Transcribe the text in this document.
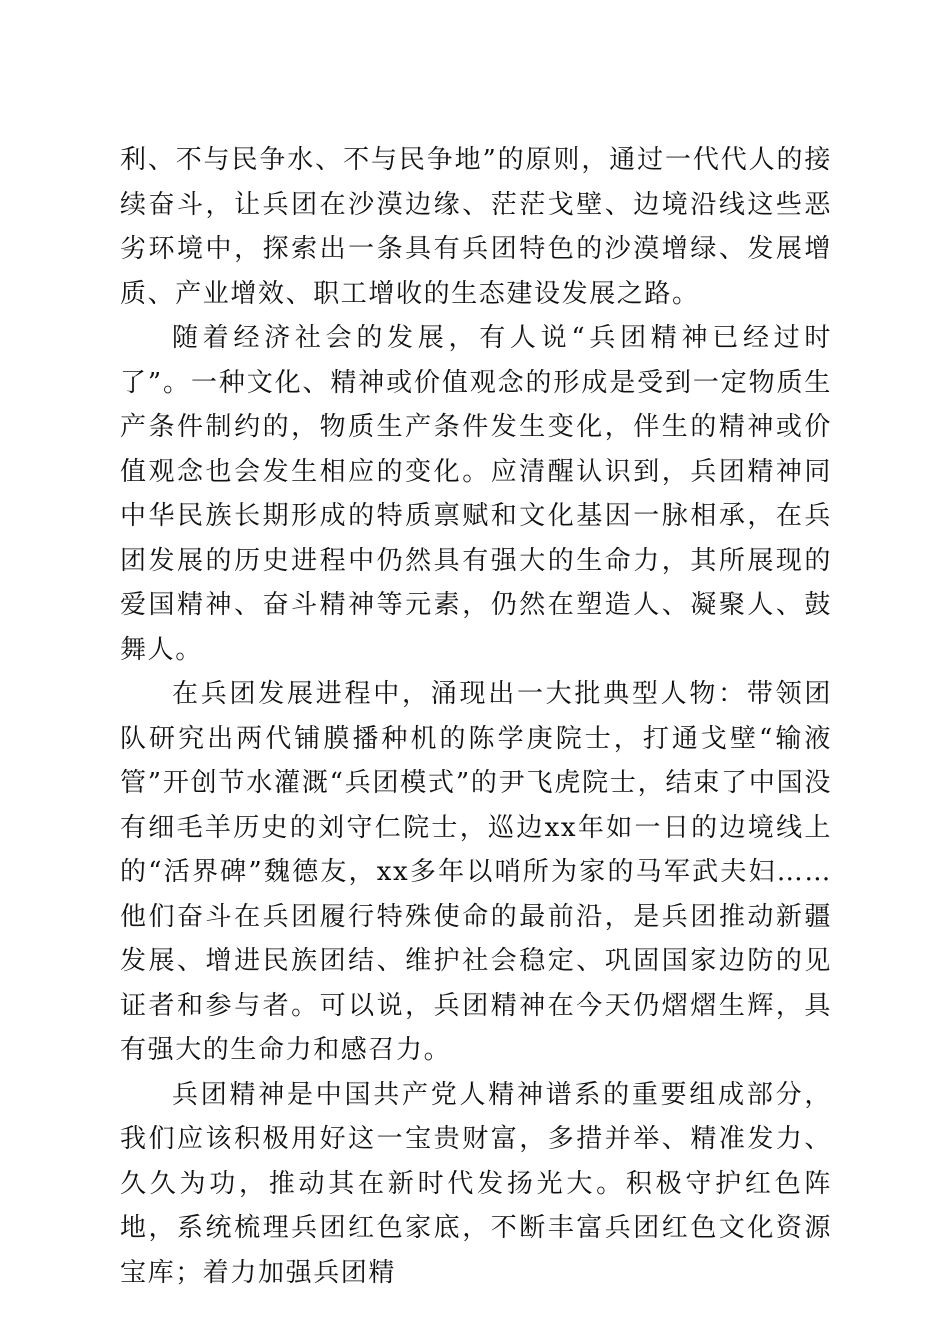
利、不与民争水、不与民争地”的原则，通过一代代人的接续奋斗，让兵团在沙漠边缘、茫茫戈壁、边境沿线这些恶劣环境中，探索出一条具有兵团特色的沙漠增绿、发展增质、产业增效、职工增收的生态建设发展之路。

随着经济社会的发展，有人说“兵团精神已经过时了”。一种文化、精神或价值观念的形成是受到一定物质生产条件制约的，物质生产条件发生变化，伴生的精神或价值观念也会发生相应的变化。应清醒认识到，兵团精神同中华民族长期形成的特质禀赋和文化基因一脉相承，在兵团发展的历史进程中仍然具有强大的生命力，其所展现的爱国精神、奋斗精神等元素，仍然在塑造人、凝聚人、鼓舞人。

在兵团发展进程中，涌现出一大批典型人物：带领团队研究出两代铺膜播种机的陈学庚院士，打通戈壁“输液管”开创节水灌溉“兵团模式”的尹飞虎院士，结束了中国没有细毛羊历史的刘守仁院士，巡边xx年如一日的边境线上的“活界碑”魏德友，xx多年以哨所为家的马军武夫妇……他们奋斗在兵团履行特殊使命的最前沿，是兵团推动新疆发展、增进民族团结、维护社会稳定、巩固国家边防的见证者和参与者。可以说，兵团精神在今天仍熠熠生辉，具有强大的生命力和感召力。

兵团精神是中国共产党人精神谱系的重要组成部分，我们应该积极用好这一宝贵财富，多措并举、精准发力、久久为功，推动其在新时代发扬光大。积极守护红色阵地，系统梳理兵团红色家底，不断丰富兵团红色文化资源宝库；着力加强兵团精
